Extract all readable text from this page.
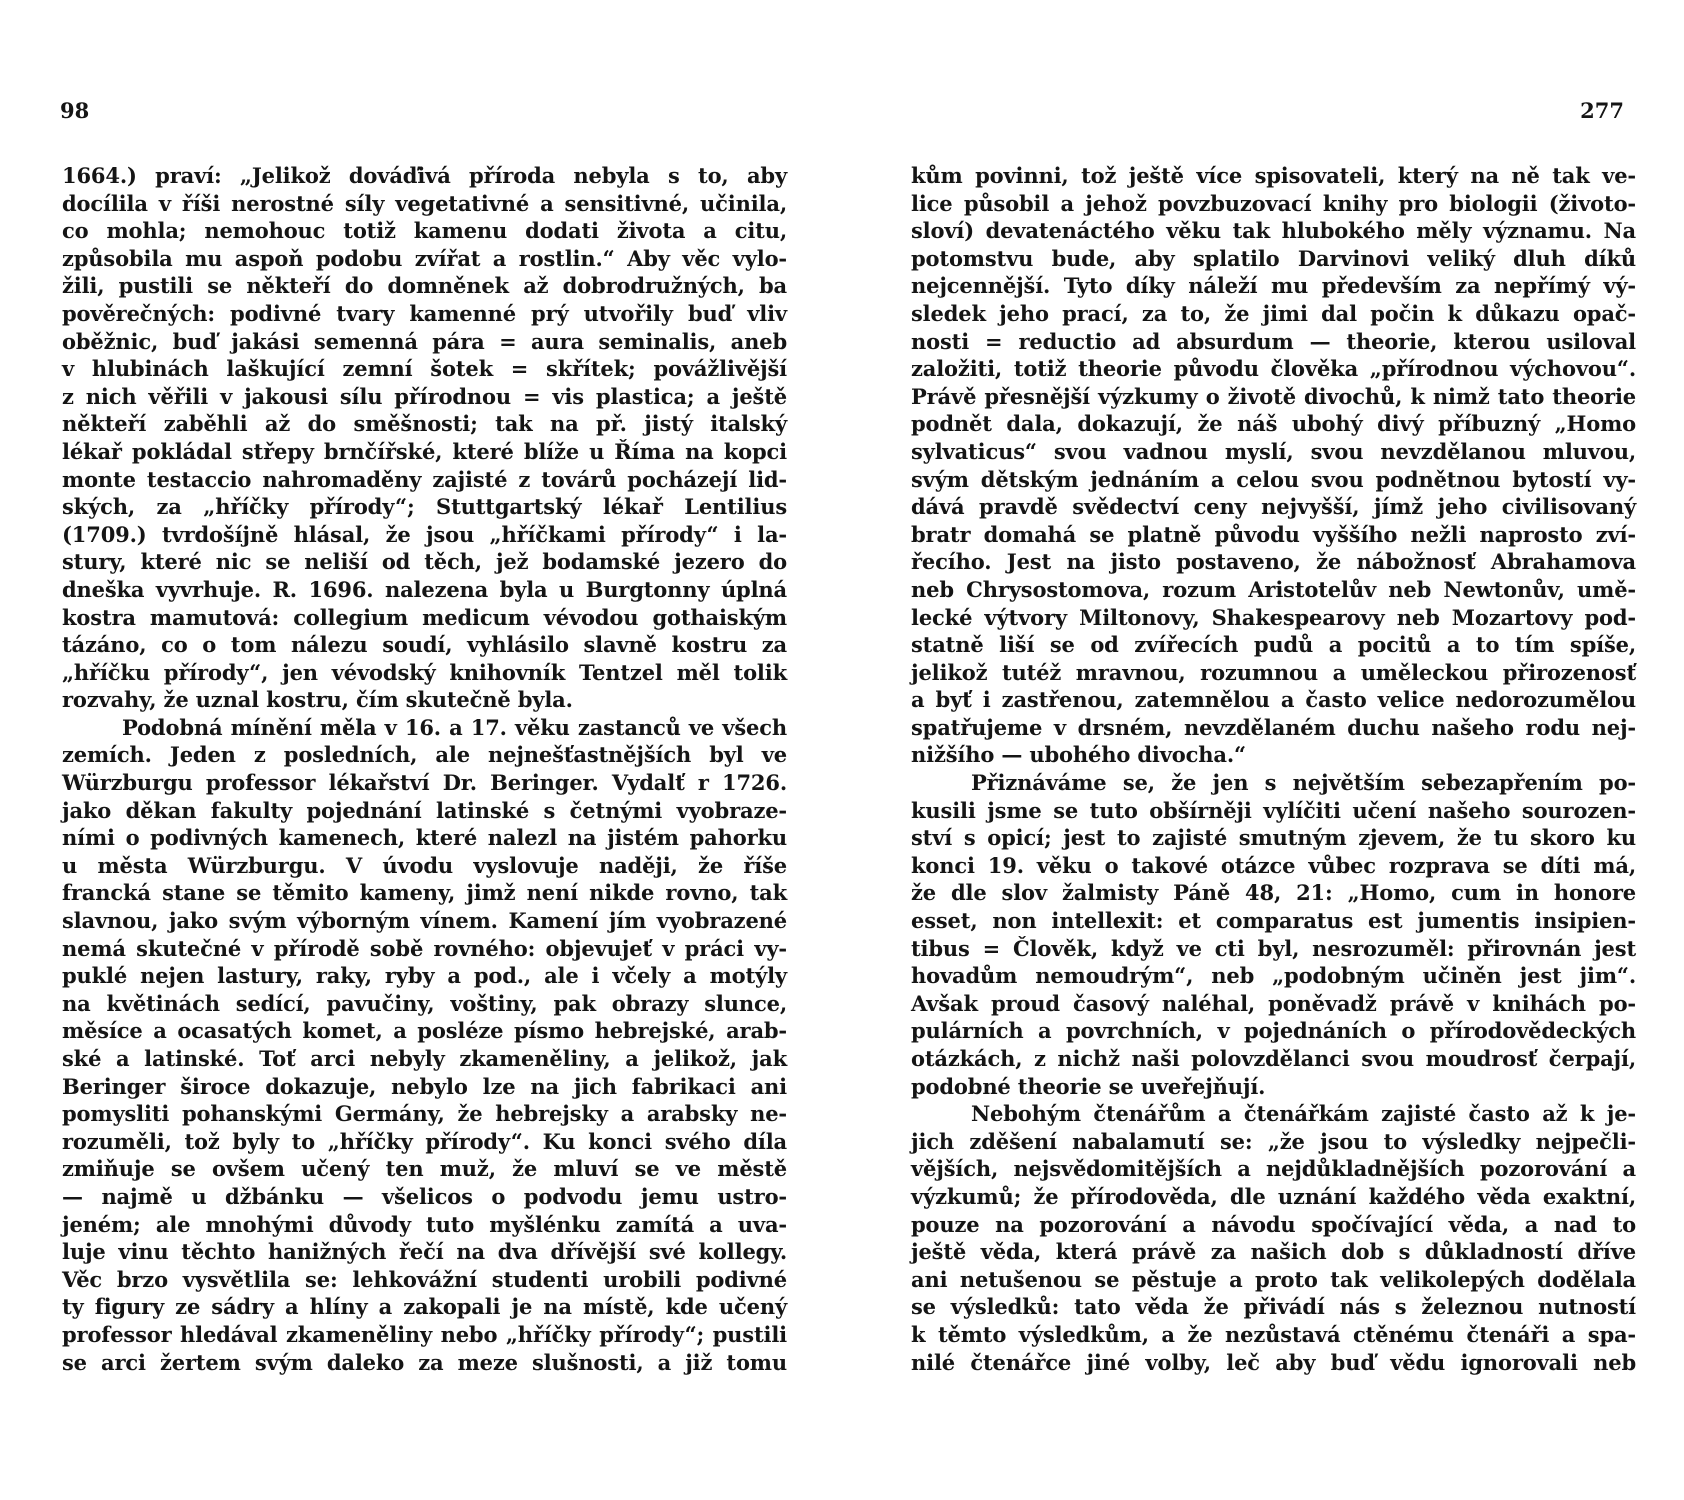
98
1664.) praví: „Jelikož dováďivá příroda nebyla s to, aby
docílila v říši nerostné síly vegetativné a sensitivné, učinila,
co mohla; nemohouc totiž kamenu dodati života a citu,
způsobila mu aspoň podobu zvířat a rostlin.“ Aby věc vylo-
žili, pustili se někteří do domněnek až dobrodružných, ba
pověrečných: podivné tvary kamenné prý utvořily buď vliv
oběžnic, buď jakási semenná pára = aura seminalis, aneb
v hlubinách laškující zemní šotek = skřítek; povážlivější
z nich věřili v jakousi sílu přírodnou = vis plastica; a ještě
někteří zaběhli až do směšnosti; tak na př. jistý italský
lékař pokládal střepy brnčířské, které blíže u Říma na kopci
monte testaccio nahromaděny zajisté z továrů pocházejí lid-
ských, za „hříčky přírody“; Stuttgartský lékař Lentilius
(1709.) tvrdošíjně hlásal, že jsou „hříčkami přírody“ i la-
stury, které nic se neliší od těch, jež bodamské jezero do
dneška vyvrhuje. R. 1696. nalezena byla u Burgtonny úplná
kostra mamutová: collegium medicum vévodou gothaiským
tázáno, co o tom nálezu soudí, vyhlásilo slavně kostru za
„hříčku přírody“, jen vévodský knihovník Tentzel měl tolik
rozvahy, že uznal kostru, čím skutečně byla.
Podobná mínění měla v 16. a 17. věku zastanců ve všech
zemích. Jeden z posledních, ale nejnešťastnějších byl ve
Würzburgu professor lékařství Dr. Beringer. Vydalť r 1726.
jako děkan fakulty pojednání latinské s četnými vyobraze-
ními o podivných kamenech, které nalezl na jistém pahorku
u města Würzburgu. V úvodu vyslovuje naději, že říše
francká stane se těmito kameny, jimž není nikde rovno, tak
slavnou, jako svým výborným vínem. Kamení jím vyobrazené
nemá skutečné v přírodě sobě rovného: objevujeť v práci vy-
puklé nejen lastury, raky, ryby a pod., ale i včely a motýly
na květinách sedící, pavučiny, voštiny, pak obrazy slunce,
měsíce a ocasatých komet, a posléze písmo hebrejské, arab-
ské a latinské. Toť arci nebyly zkameněliny, a jelikož, jak
Beringer široce dokazuje, nebylo lze na jich fabrikaci ani
pomysliti pohanskými Germány, že hebrejsky a arabsky ne-
rozuměli, tož byly to „hříčky přírody“. Ku konci svého díla
zmiňuje se ovšem učený ten muž, že mluví se ve městě
— najmě u džbánku — všelicos o podvodu jemu ustro-
jeném; ale mnohými důvody tuto myšlénku zamítá a uva-
luje vinu těchto hanižných řečí na dva dřívější své kollegy.
Věc brzo vysvětlila se: lehkovážní studenti urobili podivné
ty figury ze sádry a hlíny a zakopali je na místě, kde učený
professor hledával zkameněliny nebo „hříčky přírody“; pustili
se arci žertem svým daleko za meze slušnosti, a již tomu
277
kům povinni, tož ještě více spisovateli, který na ně tak ve-
lice působil a jehož povzbuzovací knihy pro biologii (životo-
sloví) devatenáctého věku tak hlubokého měly významu. Na
potomstvu bude, aby splatilo Darvinovi veliký dluh díků
nejcennější. Tyto díky náleží mu především za nepřímý vý-
sledek jeho prací, za to, že jimi dal počin k důkazu opač-
nosti = reductio ad absurdum — theorie, kterou usiloval
založiti, totiž theorie původu člověka „přírodnou výchovou“.
Právě přesnější výzkumy o životě divochů, k nimž tato theorie
podnět dala, dokazují, že náš ubohý divý příbuzný „Homo
sylvaticus“ svou vadnou myslí, svou nevzdělanou mluvou,
svým dětským jednáním a celou svou podnětnou bytostí vy-
dává pravdě svědectví ceny nejvyšší, jímž jeho civilisovaný
bratr domahá se platně původu vyššího nežli naprosto zví-
řecího. Jest na jisto postaveno, že nábožnosť Abrahamova
neb Chrysostomova, rozum Aristotelův neb Newtonův, umě-
lecké výtvory Miltonovy, Shakespearovy neb Mozartovy pod-
statně liší se od zvířecích pudů a pocitů a to tím spíše,
jelikož tutéž mravnou, rozumnou a uměleckou přirozenosť
a byť i zastřenou, zatemnělou a často velice nedorozumělou
spatřujeme v drsném, nevzdělaném duchu našeho rodu nej-
nižšího — ubohého divocha.“
Přiznáváme se, že jen s největším sebezapřením po-
kusili jsme se tuto obšírněji vylíčiti učení našeho sourozen-
ství s opicí; jest to zajisté smutným zjevem, že tu skoro ku
konci 19. věku o takové otázce vůbec rozprava se díti má,
že dle slov žalmisty Páně 48, 21: „Homo, cum in honore
esset, non intellexit: et comparatus est jumentis insipien-
tibus = Člověk, když ve cti byl, nesrozuměl: přirovnán jest
hovadům nemoudrým“, neb „podobným učiněn jest jim“.
Avšak proud časový naléhal, poněvadž právě v knihách po-
pulárních a povrchních, v pojednáních o přírodovědeckých
otázkách, z nichž naši polovzdělanci svou moudrosť čerpají,
podobné theorie se uveřejňují.
Nebohým čtenářům a čtenářkám zajisté často až k je-
jich zděšení nabalamutí se: „že jsou to výsledky nejpečli-
vějších, nejsvědomitějších a nejdůkladnějších pozorování a
výzkumů; že přírodověda, dle uznání každého věda exaktní,
pouze na pozorování a návodu spočívající věda, a nad to
ještě věda, která právě za našich dob s důkladností dříve
ani netušenou se pěstuje a proto tak velikolepých dodělala
se výsledků: tato věda že přivádí nás s železnou nutností
k těmto výsledkům, a že nezůstavá ctěnému čtenáři a spa-
nilé čtenářce jiné volby, leč aby buď vědu ignorovali neb
